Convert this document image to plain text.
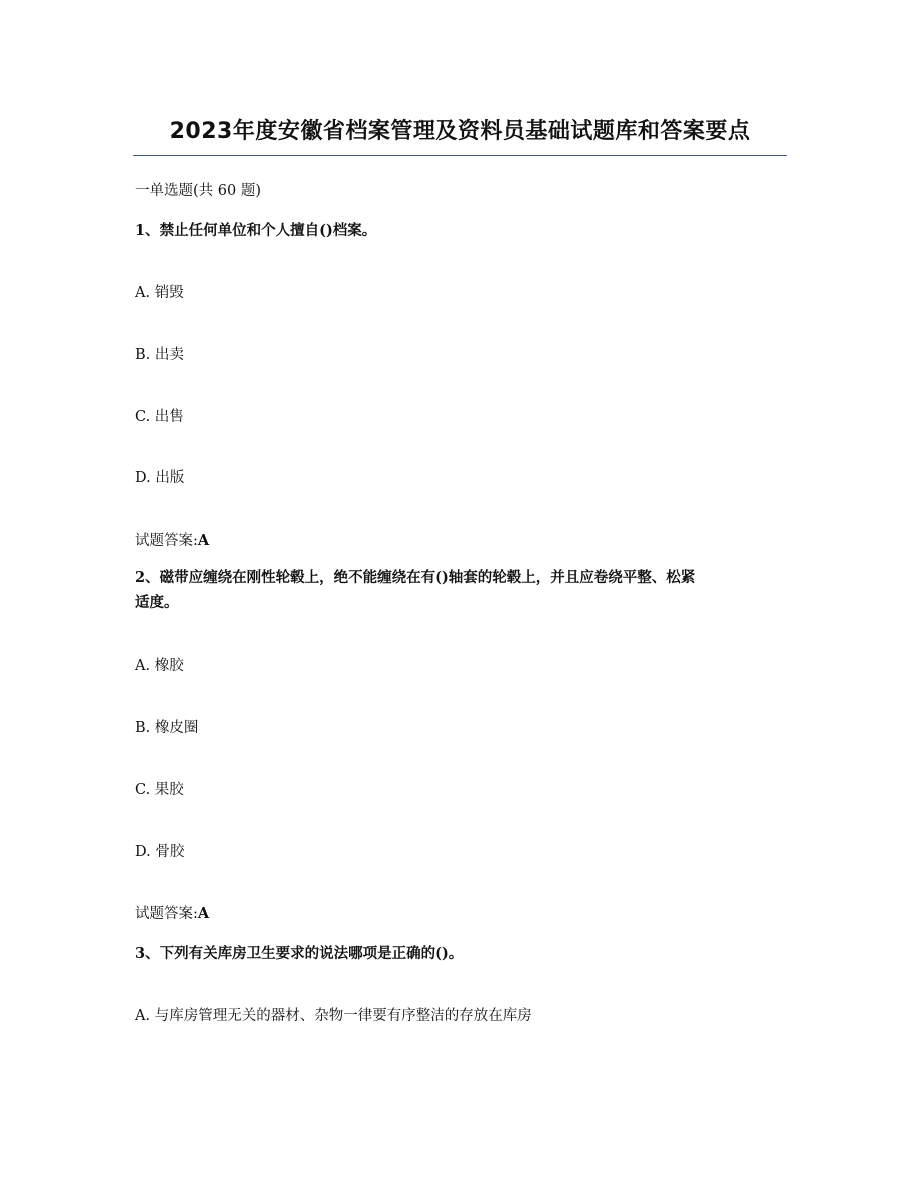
2023年度安徽省档案管理及资料员基础试题库和答案要点
一单选题(共 60 题)
1、禁止任何单位和个人擅自()档案。
A. 销毁
B. 出卖
C. 出售
D. 出版
试题答案:A
2、磁带应缠绕在刚性轮毂上，绝不能缠绕在有()轴套的轮毂上，并且应卷绕平整、松紧
适度。
A. 橡胶
B. 橡皮圈
C. 果胶
D. 骨胶
试题答案:A
3、下列有关库房卫生要求的说法哪项是正确的()。
A. 与库房管理无关的器材、杂物一律要有序整洁的存放在库房
